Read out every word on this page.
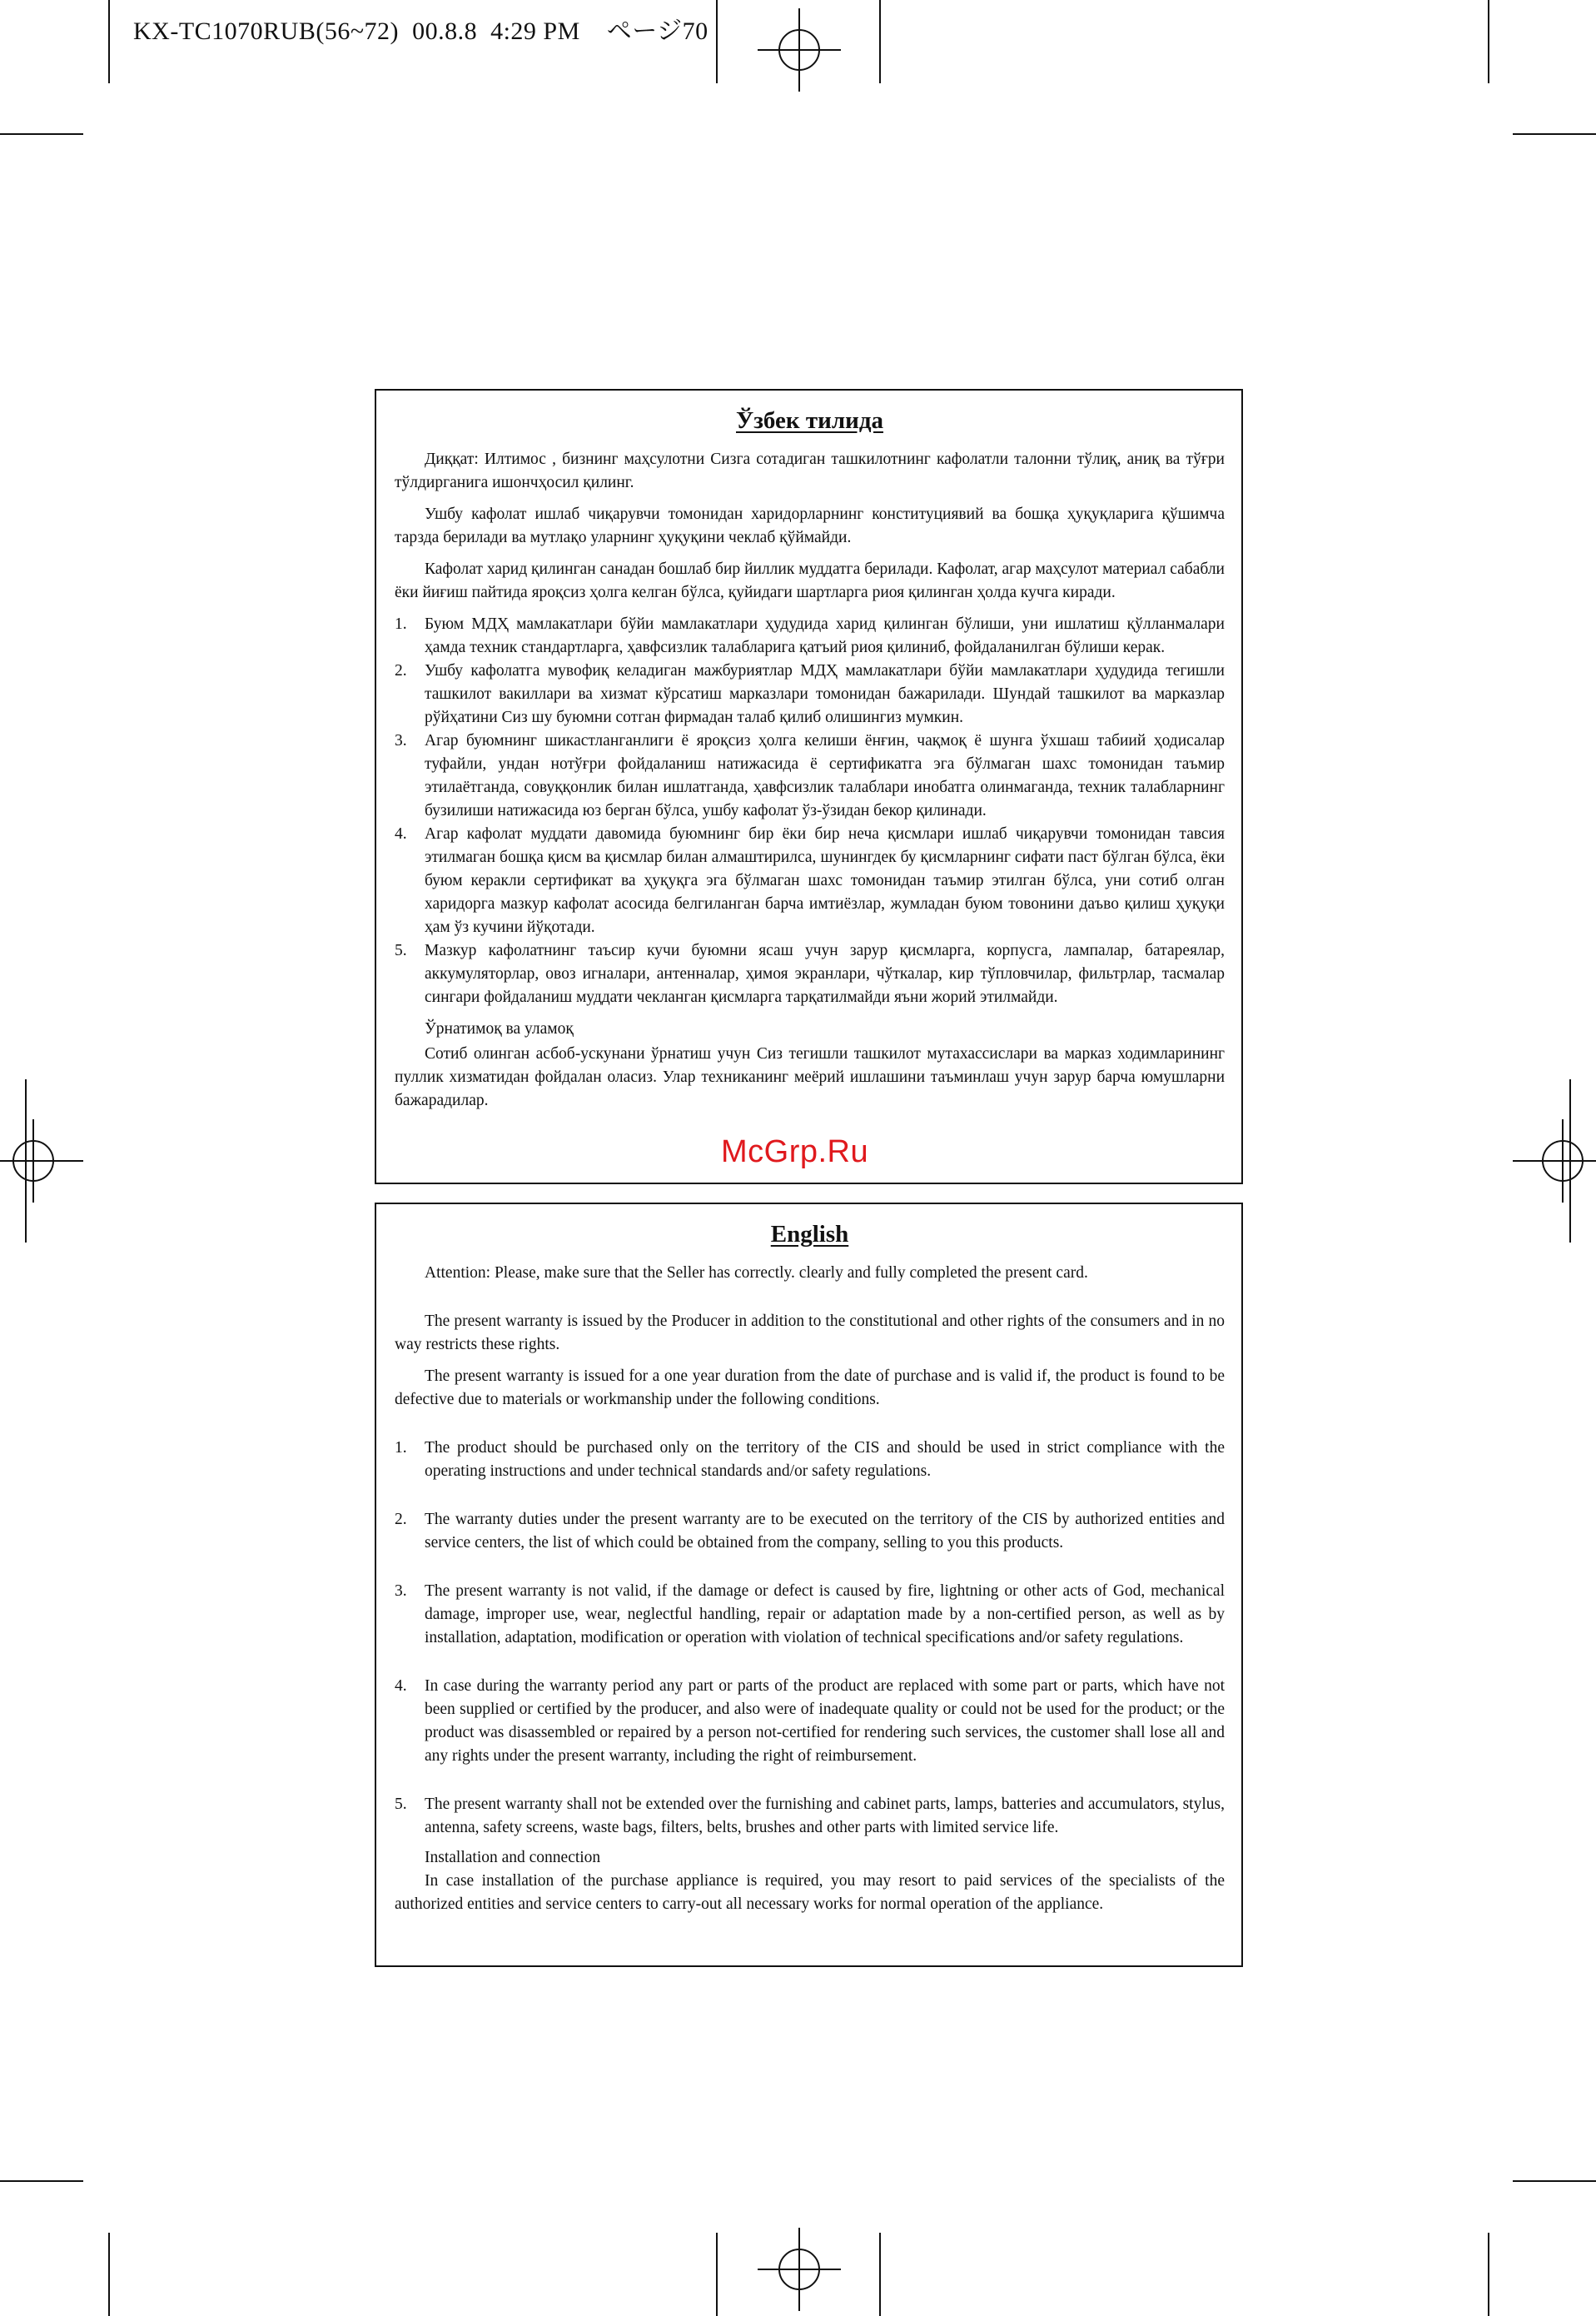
KX-TC1070RUB(56~72) 00.8.8 4:29 PM ページ70
Ўзбек тилида

Диққат: Илтимос , бизнинг маҳсулотни Сизга сотадиган ташкилотнинг кафолатли талонни тўлиқ, аниқ ва тўғри тўлдирганига ишончҳосил қилинг.

Ушбу кафолат ишлаб чиқарувчи томонидан харидорларнинг конституциявий ва бошқа ҳуқуқларига қўшимча тарзда берилади ва мутлақо уларнинг ҳуқуқини чеклаб қўймайди.

Кафолат харид қилинган санадан бошлаб бир йиллик муддатга берилади. Кафолат, агар маҳсулот материал сабабли ёки йиғиш пайтида яроқсиз ҳолга келган бўлса, қуйидаги шартларга риоя қилинган ҳолда кучга киради.

1. Буюм МДҲ мамлакатлари бўйи мамлакатлари ҳудудида харид қилинган бўлиши, уни ишлатиш қўлланмалари ҳамда техник стандартларга, ҳавфсизлик талабларига қатъий риоя қилиниб, фойдаланилган бўлиши керак.
2. Ушбу кафолатга мувофиқ келадиган мажбуриятлар МДҲ мамлакатлари бўйи мамлакатлари ҳудудида тегишли ташкилот вакиллари ва хизмат кўрсатиш марказлари томонидан бажарилади. Шундай ташкилот ва марказлар рўйҳатини Сиз шу буюмни сотган фирмадан талаб қилиб олишингиз мумкин.
3. Агар буюмнинг шикастланганлиги ё яроқсиз ҳолга келиши ёнғин, чақмоқ ё шунга ўхшаш табиий ҳодисалар туфайли, ундан нотўғри фойдаланиш натижасида ё сертификатга эга бўлмаган шахс томонидан таъмир этилаётганда, совуққонлик билан ишлатганда, ҳавфсизлик талаблари инобатга олинмаганда, техник талабларнинг бузилиши натижасида юз берган бўлса, ушбу кафолат ўз-ўзидан бекор қилинади.
4. Агар кафолат муддати давомида буюмнинг бир ёки бир неча қисмлари ишлаб чиқарувчи томонидан тавсия этилмаган бошқа қисм ва қисмлар билан алмаштирилса, шунингдек бу қисмларнинг сифати паст бўлган бўлса, ёки буюм керакли сертификат ва ҳуқуқга эга бўлмаган шахс томонидан таъмир этилган бўлса, уни сотиб олган харидорга мазкур кафолат асосида белгиланган барча имтиёзлар, жумладан буюм товонини даъво қилиш ҳуқуқи ҳам ўз кучини йўқотади.
5. Мазкур кафолатнинг таъсир кучи буюмни ясаш учун зарур қисмларга, корпусга, лампалар, батареялар, аккумуляторлар, овоз игналари, антенналар, ҳимоя экранлари, чўткалар, кир тўпловчилар, фильтрлар, тасмалар сингари фойдаланиш муддати чекланган қисмларга тарқатилмайди яъни жорий этилмайди.

Ўрнатимоқ ва уламоқ

Сотиб олинган асбоб-ускунани ўрнатиш учун Сиз тегишли ташкилот мутахассислари ва марказ ходимларининг пуллик хизматидан фойдалан оласиз. Улар техниканинг меёрий ишлашини таъминлаш учун зарур барча юмушларни бажарадилар.

McGrp.Ru
English

Attention: Please, make sure that the Seller has correctly. clearly and fully completed the present card.

The present warranty is issued by the Producer in addition to the constitutional and other rights of the consumers and in no way restricts these rights.

The present warranty is issued for a one year duration from the date of purchase and is valid if, the product is found to be defective due to materials or workmanship under the following conditions.

1. The product should be purchased only on the territory of the CIS and should be used in strict compliance with the operating instructions and under technical standards and/or safety regulations.
2. The warranty duties under the present warranty are to be executed on the territory of the CIS by authorized entities and service centers, the list of which could be obtained from the company, selling to you this products.
3. The present warranty is not valid, if the damage or defect is caused by fire, lightning or other acts of God, mechanical damage, improper use, wear, neglectful handling, repair or adaptation made by a non-certified person, as well as by installation, adaptation, modification or operation with violation of technical specifications and/or safety regulations.
4. In case during the warranty period any part or parts of the product are replaced with some part or parts, which have not been supplied or certified by the producer, and also were of inadequate quality or could not be used for the product; or the product was disassembled or repaired by a person not-certified for rendering such services, the customer shall lose all and any rights under the present warranty, including the right of reimbursement.
5. The present warranty shall not be extended over the furnishing and cabinet parts, lamps, batteries and accumulators, stylus, antenna, safety screens, waste bags, filters, belts, brushes and other parts with limited service life.

Installation and connection

In case installation of the purchase appliance is required, you may resort to paid services of the specialists of the authorized entities and service centers to carry-out all necessary works for normal operation of the appliance.
